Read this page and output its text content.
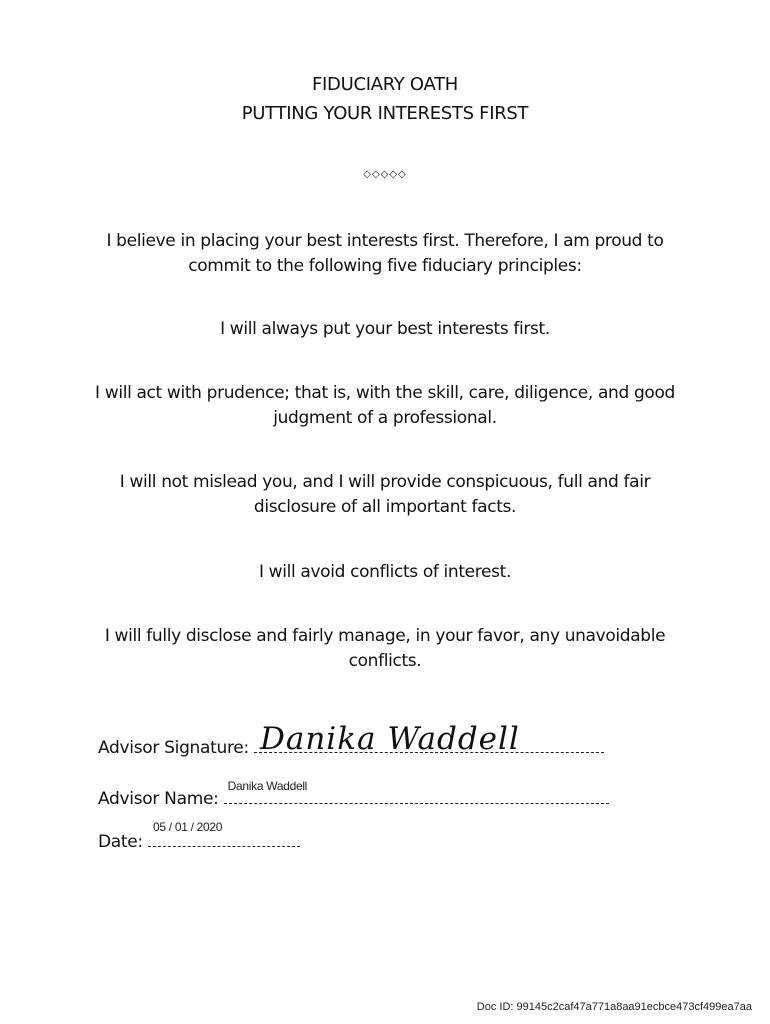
FIDUCIARY OATH
PUTTING YOUR INTERESTS FIRST
◇◇◇◇◇

I believe in placing your best interests first. Therefore, I am proud to commit to the following five fiduciary principles:

I will always put your best interests first.

I will act with prudence; that is, with the skill, care, diligence, and good judgment of a professional.

I will not mislead you, and I will provide conspicuous, full and fair disclosure of all important facts.

I will avoid conflicts of interest.

I will fully disclose and fairly manage, in your favor, any unavoidable conflicts.

Advisor Signature: Danika Waddell
Advisor Name:
Danika Waddell
Date:
05 / 01 / 2020
Doc ID: 99145c2caf47a771a8aa91ecbce473cf499ea7aa
